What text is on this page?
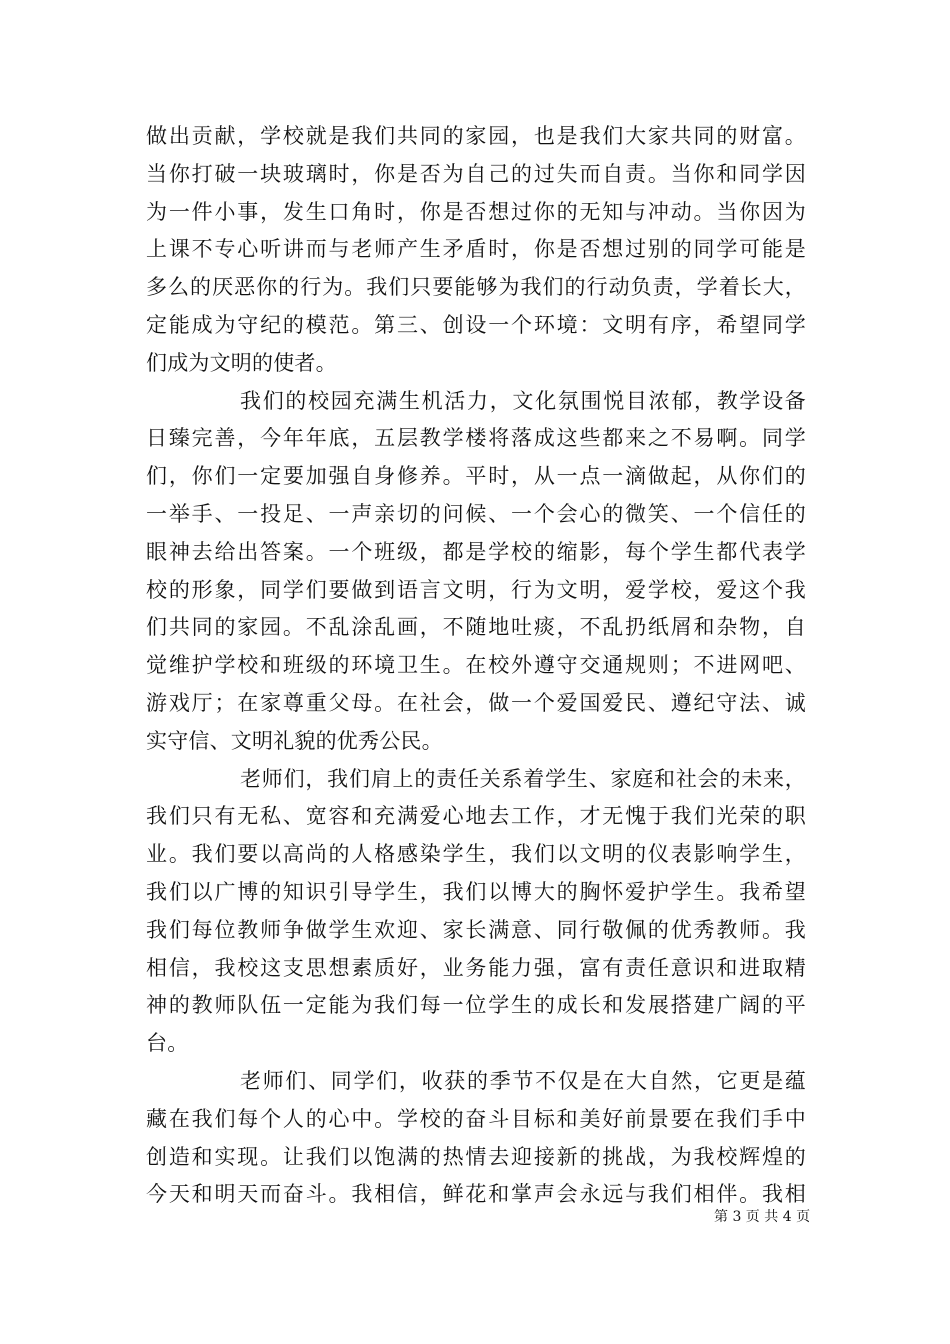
做出贡献，学校就是我们共同的家园，也是我们大家共同的财富。
当你打破一块玻璃时，你是否为自己的过失而自责。当你和同学因
为一件小事，发生口角时，你是否想过你的无知与冲动。当你因为
上课不专心听讲而与老师产生矛盾时，你是否想过别的同学可能是
多么的厌恶你的行为。我们只要能够为我们的行动负责，学着长大，
定能成为守纪的模范。第三、创设一个环境：文明有序，希望同学
们成为文明的使者。
我们的校园充满生机活力，文化氛围悦目浓郁，教学设备
日臻完善，今年年底，五层教学楼将落成这些都来之不易啊。同学
们，你们一定要加强自身修养。平时，从一点一滴做起，从你们的
一举手、一投足、一声亲切的问候、一个会心的微笑、一个信任的
眼神去给出答案。一个班级，都是学校的缩影，每个学生都代表学
校的形象，同学们要做到语言文明，行为文明，爱学校，爱这个我
们共同的家园。不乱涂乱画，不随地吐痰，不乱扔纸屑和杂物，自
觉维护学校和班级的环境卫生。在校外遵守交通规则；不进网吧、
游戏厅；在家尊重父母。在社会，做一个爱国爱民、遵纪守法、诚
实守信、文明礼貌的优秀公民。
老师们，我们肩上的责任关系着学生、家庭和社会的未来，
我们只有无私、宽容和充满爱心地去工作，才无愧于我们光荣的职
业。我们要以高尚的人格感染学生，我们以文明的仪表影响学生，
我们以广博的知识引导学生，我们以博大的胸怀爱护学生。我希望
我们每位教师争做学生欢迎、家长满意、同行敬佩的优秀教师。我
相信，我校这支思想素质好，业务能力强，富有责任意识和进取精
神的教师队伍一定能为我们每一位学生的成长和发展搭建广阔的平
台。
老师们、同学们，收获的季节不仅是在大自然，它更是蕴
藏在我们每个人的心中。学校的奋斗目标和美好前景要在我们手中
创造和实现。让我们以饱满的热情去迎接新的挑战，为我校辉煌的
今天和明天而奋斗。我相信，鲜花和掌声会永远与我们相伴。我相
第 3 页 共 4 页
